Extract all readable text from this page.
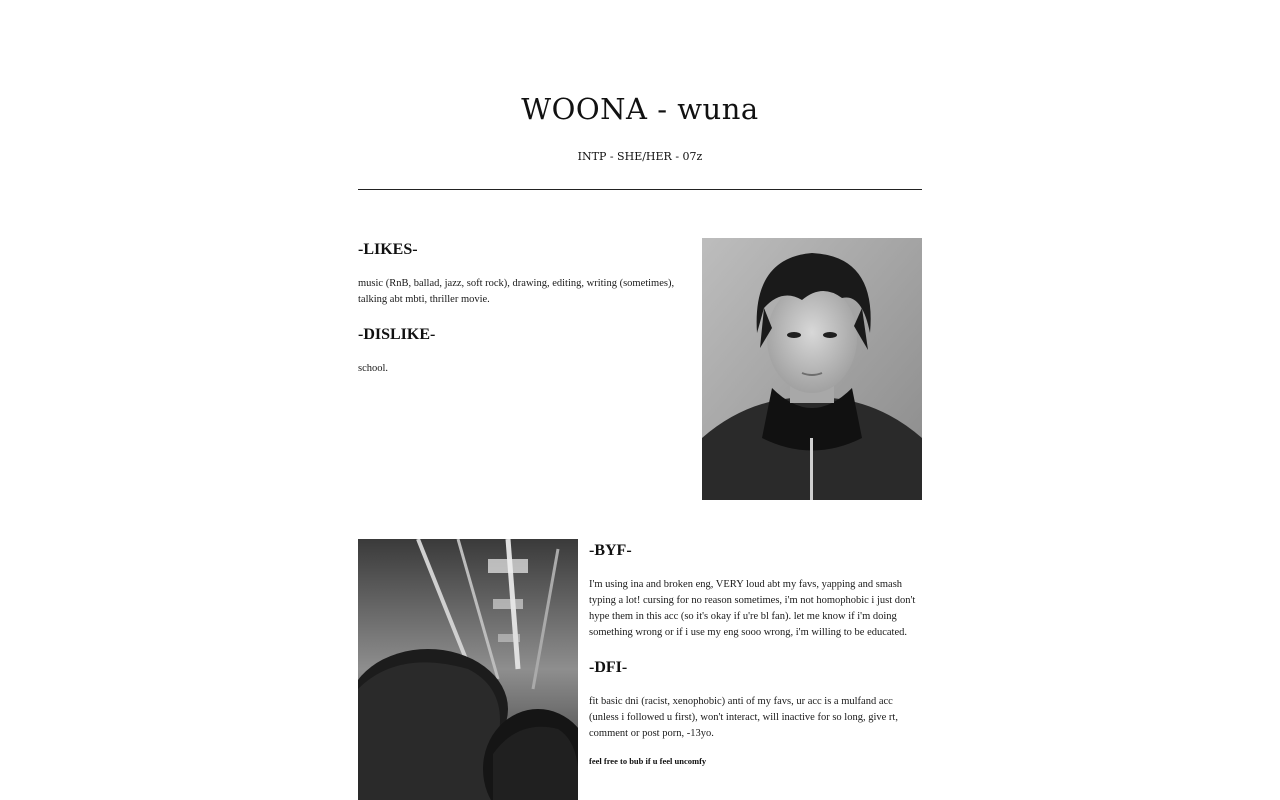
WOONA - wuna

INTP - SHE/HER - 07z

-LIKES-

music (RnB, ballad, jazz, soft rock), drawing, editing, writing (sometimes), talking abt mbti, thriller movie.

-DISLIKE-

school.

-BYF-

I'm using ina and broken eng, VERY loud abt my favs, yapping and smash typing a lot! cursing for no reason sometimes, i'm not homophobic i just don't hype them in this acc (so it's okay if u're bl fan). let me know if i'm doing something wrong or if i use my eng sooo wrong, i'm willing to be educated.

-DFI-

fit basic dni (racist, xenophobic) anti of my favs, ur acc is a mulfand acc (unless i followed u first), won't interact, will inactive for so long, give rt, comment or post porn, -13yo.

feel free to bub if u feel uncomfy
